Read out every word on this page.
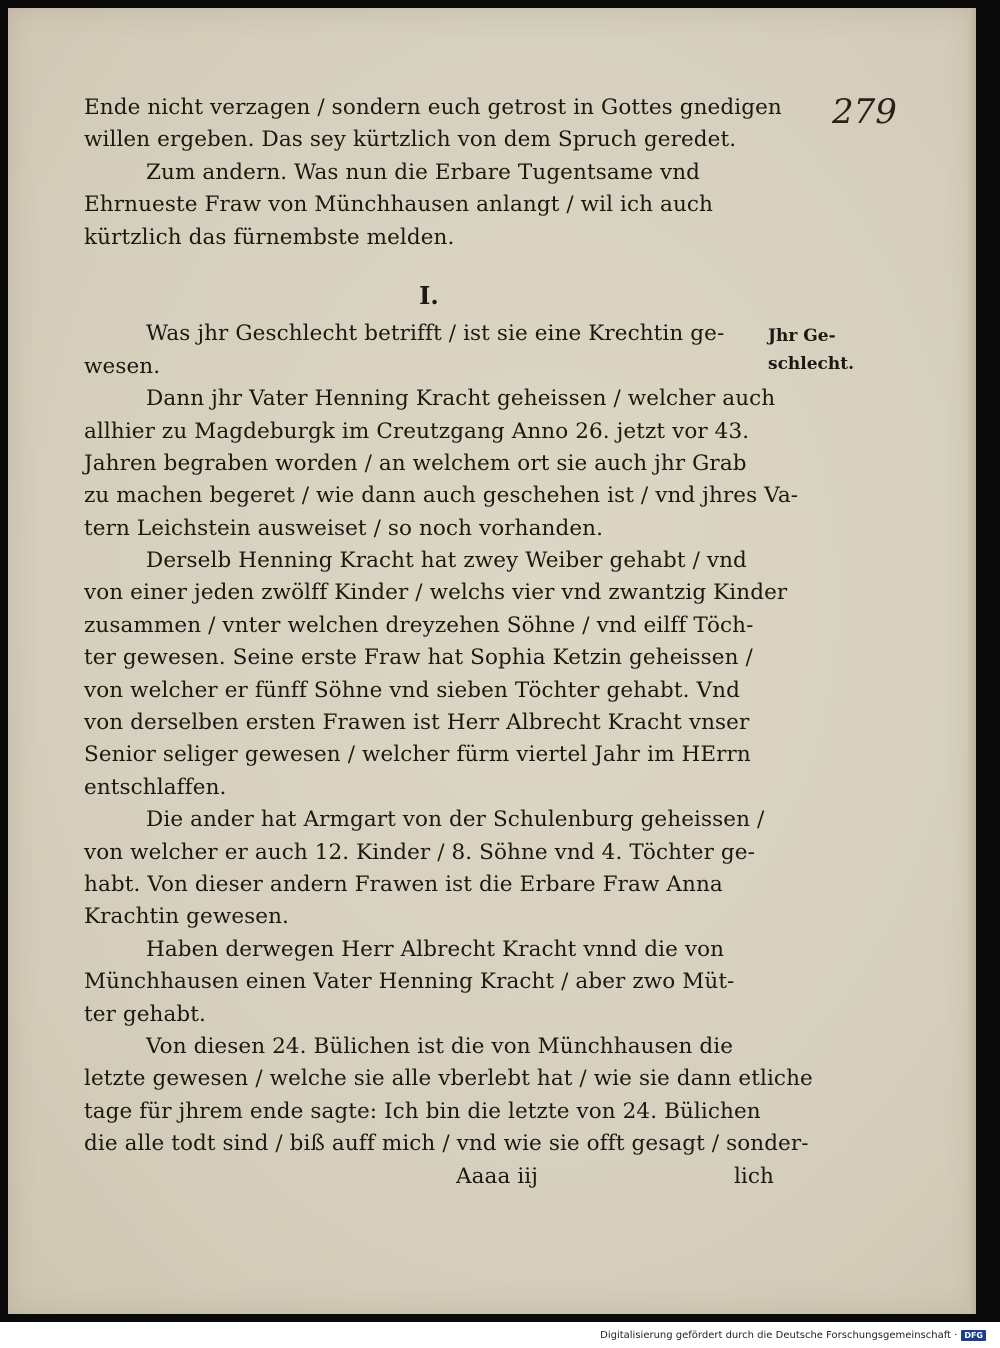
279
Ende nicht verzagen / sondern euch getrost in Gottes gnedigen
willen ergeben. Das sey kürtzlich von dem Spruch geredet.
Zum andern. Was nun die Erbare Tugentsame vnd
Ehrnueste Fraw von Münchhausen anlangt / wil ich auch
kürtzlich das fürnembste melden.
I.
Was jhr Geschlecht betrifft / ist sie eine Krechtin ge-
wesen.
Dann jhr Vater Henning Kracht geheissen / welcher auch
allhier zu Magdeburgk im Creutzgang Anno 26. jetzt vor 43.
Jahren begraben worden / an welchem ort sie auch jhr Grab
zu machen begeret / wie dann auch geschehen ist / vnd jhres Va-
tern Leichstein ausweiset / so noch vorhanden.
Derselb Henning Kracht hat zwey Weiber gehabt / vnd
von einer jeden zwölff Kinder / welchs vier vnd zwantzig Kinder
zusammen / vnter welchen dreyzehen Söhne / vnd eilff Töch-
ter gewesen. Seine erste Fraw hat Sophia Ketzin geheissen /
von welcher er fünff Söhne vnd sieben Töchter gehabt. Vnd
von derselben ersten Frawen ist Herr Albrecht Kracht vnser
Senior seliger gewesen / welcher fürm viertel Jahr im HErrn
entschlaffen.
Die ander hat Armgart von der Schulenburg geheissen /
von welcher er auch 12. Kinder / 8. Söhne vnd 4. Töchter ge-
habt. Von dieser andern Frawen ist die Erbare Fraw Anna
Krachtin gewesen.
Haben derwegen Herr Albrecht Kracht vnnd die von
Münchhausen einen Vater Henning Kracht / aber zwo Müt-
ter gehabt.
Von diesen 24. Bülichen ist die von Münchhausen die
letzte gewesen / welche sie alle vberlebt hat / wie sie dann etliche
tage für jhrem ende sagte: Ich bin die letzte von 24. Bülichen
die alle todt sind / biß auff mich / vnd wie sie offt gesagt / sonder-
Aaaa iij	lich
Jhr Ge-
schlecht.
Digitalisierung gefördert durch die Deutsche Forschungsgemeinschaft · DFG
